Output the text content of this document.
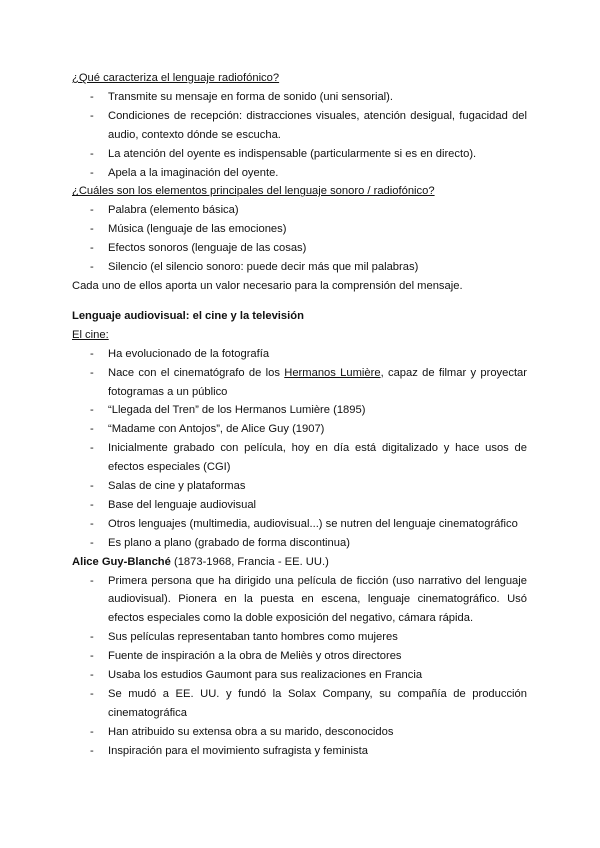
¿Qué caracteriza el lenguaje radiofónico?

- Transmite su mensaje en forma de sonido (uni sensorial).
- Condiciones de recepción: distracciones visuales, atención desigual, fugacidad del audio, contexto dónde se escucha.
- La atención del oyente es indispensable (particularmente si es en directo).
- Apela a la imaginación del oyente.

¿Cuáles son los elementos principales del lenguaje sonoro / radiofónico?

- Palabra (elemento básica)
- Música (lenguaje de las emociones)
- Efectos sonoros (lenguaje de las cosas)
- Silencio (el silencio sonoro: puede decir más que mil palabras)

Cada uno de ellos aporta un valor necesario para la comprensión del mensaje.

Lenguaje audiovisual: el cine y la televisión

El cine:

- Ha evolucionado de la fotografía
- Nace con el cinematógrafo de los Hermanos Lumière, capaz de filmar y proyectar fotogramas a un público
- “Llegada del Tren” de los Hermanos Lumière (1895)
- “Madame con Antojos”, de Alice Guy (1907)
- Inicialmente grabado con película, hoy en día está digitalizado y hace usos de efectos especiales (CGI)
- Salas de cine y plataformas
- Base del lenguaje audiovisual
- Otros lenguajes (multimedia, audiovisual...) se nutren del lenguaje cinematográfico
- Es plano a plano (grabado de forma discontinua)

Alice Guy-Blanché (1873-1968, Francia - EE. UU.)

- Primera persona que ha dirigido una película de ficción (uso narrativo del lenguaje audiovisual). Pionera en la puesta en escena, lenguaje cinematográfico. Usó efectos especiales como la doble exposición del negativo, cámara rápida.
- Sus películas representaban tanto hombres como mujeres
- Fuente de inspiración a la obra de Meliès y otros directores
- Usaba los estudios Gaumont para sus realizaciones en Francia
- Se mudó a EE. UU. y fundó la Solax Company, su compañía de producción cinematográfica
- Han atribuido su extensa obra a su marido, desconocidos
- Inspiración para el movimiento sufragista y feminista
